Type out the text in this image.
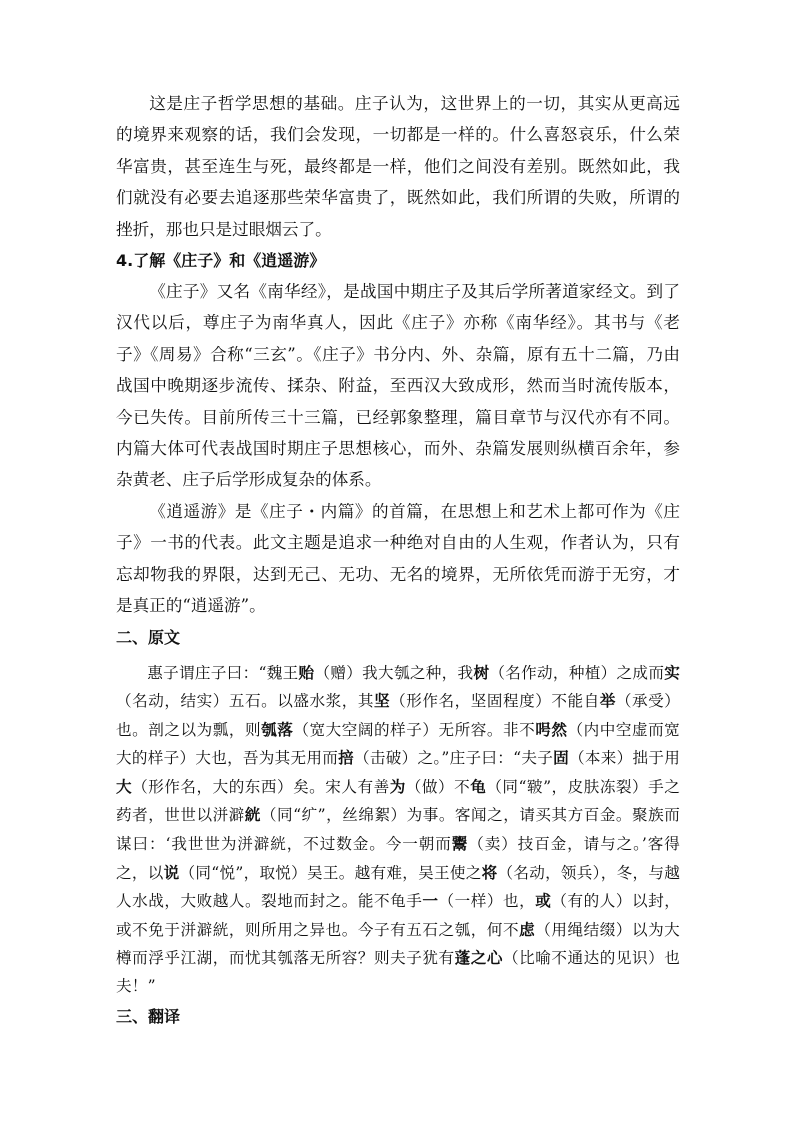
这是庄子哲学思想的基础。庄子认为，这世界上的一切，其实从更高远的境界来观察的话，我们会发现，一切都是一样的。什么喜怒哀乐，什么荣华富贵，甚至连生与死，最终都是一样，他们之间没有差别。既然如此，我们就没有必要去追逐那些荣华富贵了，既然如此，我们所谓的失败，所谓的挫折，那也只是过眼烟云了。

4.了解《庄子》和《逍遥游》

《庄子》又名《南华经》，是战国中期庄子及其后学所著道家经文。到了汉代以后，尊庄子为南华真人，因此《庄子》亦称《南华经》。其书与《老子》《周易》合称“三玄”。《庄子》书分内、外、杂篇，原有五十二篇，乃由战国中晚期逐步流传、揉杂、附益，至西汉大致成形，然而当时流传版本，今已失传。目前所传三十三篇，已经郭象整理，篇目章节与汉代亦有不同。内篇大体可代表战国时期庄子思想核心，而外、杂篇发展则纵横百余年，参杂黄老、庄子后学形成复杂的体系。

《逍遥游》是《庄子・内篇》的首篇，在思想上和艺术上都可作为《庄子》一书的代表。此文主题是追求一种绝对自由的人生观，作者认为，只有忘却物我的界限，达到无己、无功、无名的境界，无所依凭而游于无穷，才是真正的“逍遥游”。

二、原文

惠子谓庄子曰：“魏王贻（赠）我大瓠之种，我树（名作动，种植）之成而实（名动，结实）五石。以盛水浆，其坚（形作名，坚固程度）不能自举（承受）也。剖之以为瓢，则瓠落（宽大空阔的样子）无所容。非不呺然（内中空虚而宽大的样子）大也，吾为其无用而掊（击破）之。”庄子曰：“夫子固（本来）拙于用大（形作名，大的东西）矣。宋人有善为（做）不龟（同“皲”，皮肤冻裂）手之药者，世世以洴澼絖（同“纩”，丝绵絮）为事。客闻之，请买其方百金。聚族而谋曰：‘我世世为洴澼絖，不过数金。今一朝而鬻（卖）技百金，请与之。’客得之，以说（同“悦”，取悦）吴王。越有难，吴王使之将（名动，领兵），冬，与越人水战，大败越人。裂地而封之。能不龟手一（一样）也，或（有的人）以封，或不免于洴澼絖，则所用之异也。今子有五石之瓠，何不虑（用绳结缀）以为大樽而浮乎江湖，而忧其瓠落无所容？则夫子犹有蓬之心（比喻不通达的见识）也夫！”

三、翻译
